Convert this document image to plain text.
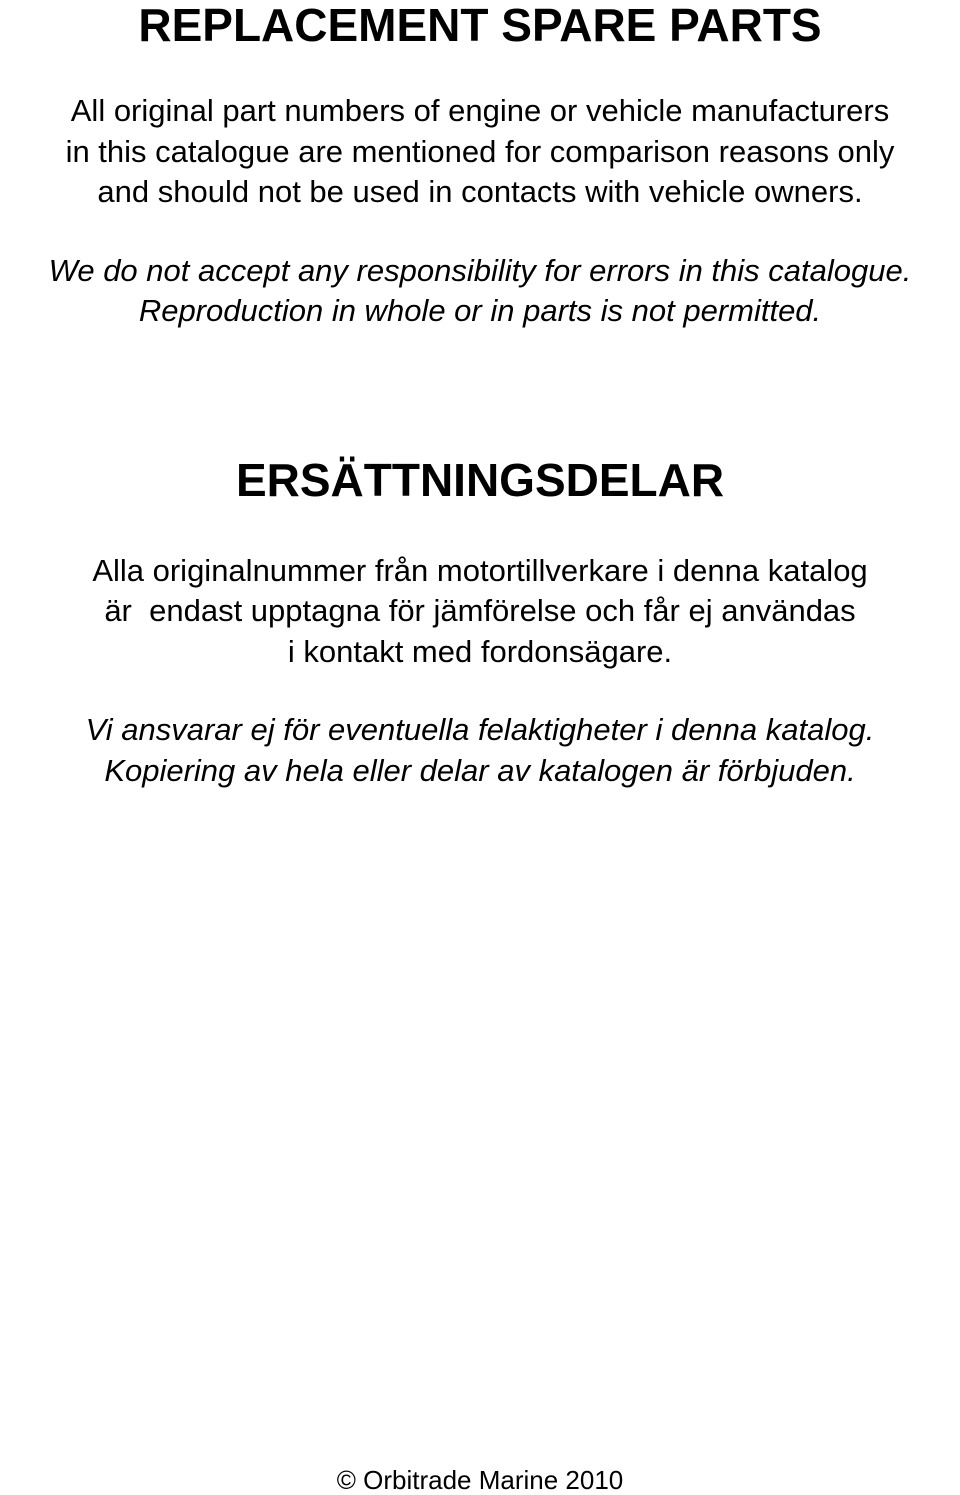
REPLACEMENT SPARE PARTS
All original part numbers of engine or vehicle manufacturers
in this catalogue are mentioned for comparison reasons only
and should not be used in contacts with vehicle owners.
We do not accept any responsibility for errors in this catalogue.
Reproduction in whole or in parts is not permitted.
ERSÄTTNINGSDELAR
Alla originalnummer från motortillverkare i denna katalog
är  endast upptagna för jämförelse och får ej användas
i kontakt med fordonsägare.
Vi ansvarar ej för eventuella felaktigheter i denna katalog.
Kopiering av hela eller delar av katalogen är förbjuden.
© Orbitrade Marine 2010
